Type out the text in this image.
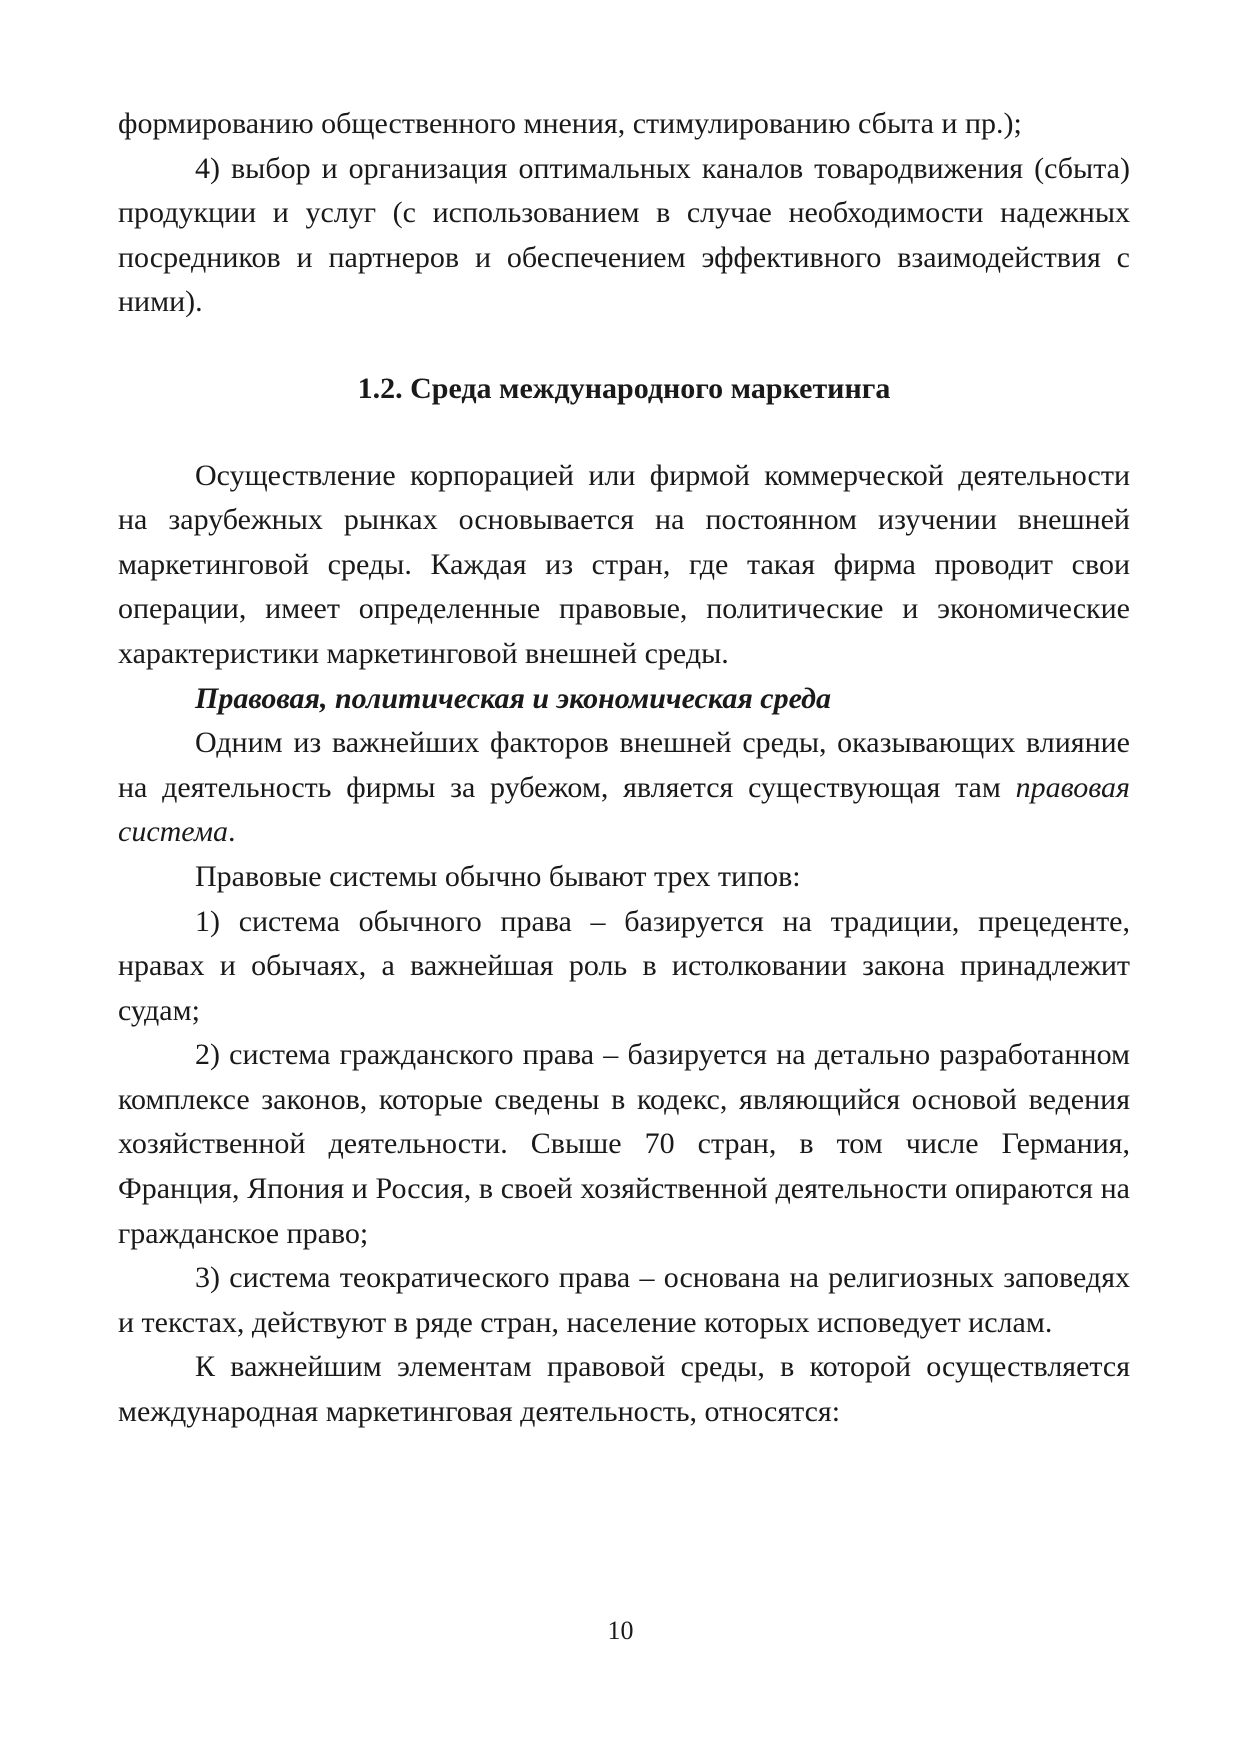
формированию общественного мнения, стимулированию сбыта и пр.);

4) выбор и организация оптимальных каналов товародвижения (сбыта) продукции и услуг (с использованием в случае необходимости надежных посредников и партнеров и обеспечением эффективного взаимодействия с ними).

1.2. Среда международного маркетинга

Осуществление корпорацией или фирмой коммерческой деятельности на зарубежных рынках основывается на постоянном изучении внешней маркетинговой среды. Каждая из стран, где такая фирма проводит свои операции, имеет определенные правовые, политические и экономические характеристики маркетинговой внешней среды.

Правовая, политическая и экономическая среда

Одним из важнейших факторов внешней среды, оказывающих влияние на деятельность фирмы за рубежом, является существующая там правовая система.

Правовые системы обычно бывают трех типов:

1) система обычного права – базируется на традиции, прецеденте, нравах и обычаях, а важнейшая роль в истолковании закона принадлежит судам;

2) система гражданского права – базируется на детально разработанном комплексе законов, которые сведены в кодекс, являющийся основой ведения хозяйственной деятельности. Свыше 70 стран, в том числе Германия, Франция, Япония и Россия, в своей хозяйственной деятельности опираются на гражданское право;

3) система теократического права – основана на религиозных заповедях и текстах, действуют в ряде стран, население которых исповедует ислам.

К важнейшим элементам правовой среды, в которой осуществляется международная маркетинговая деятельность, относятся:

10
